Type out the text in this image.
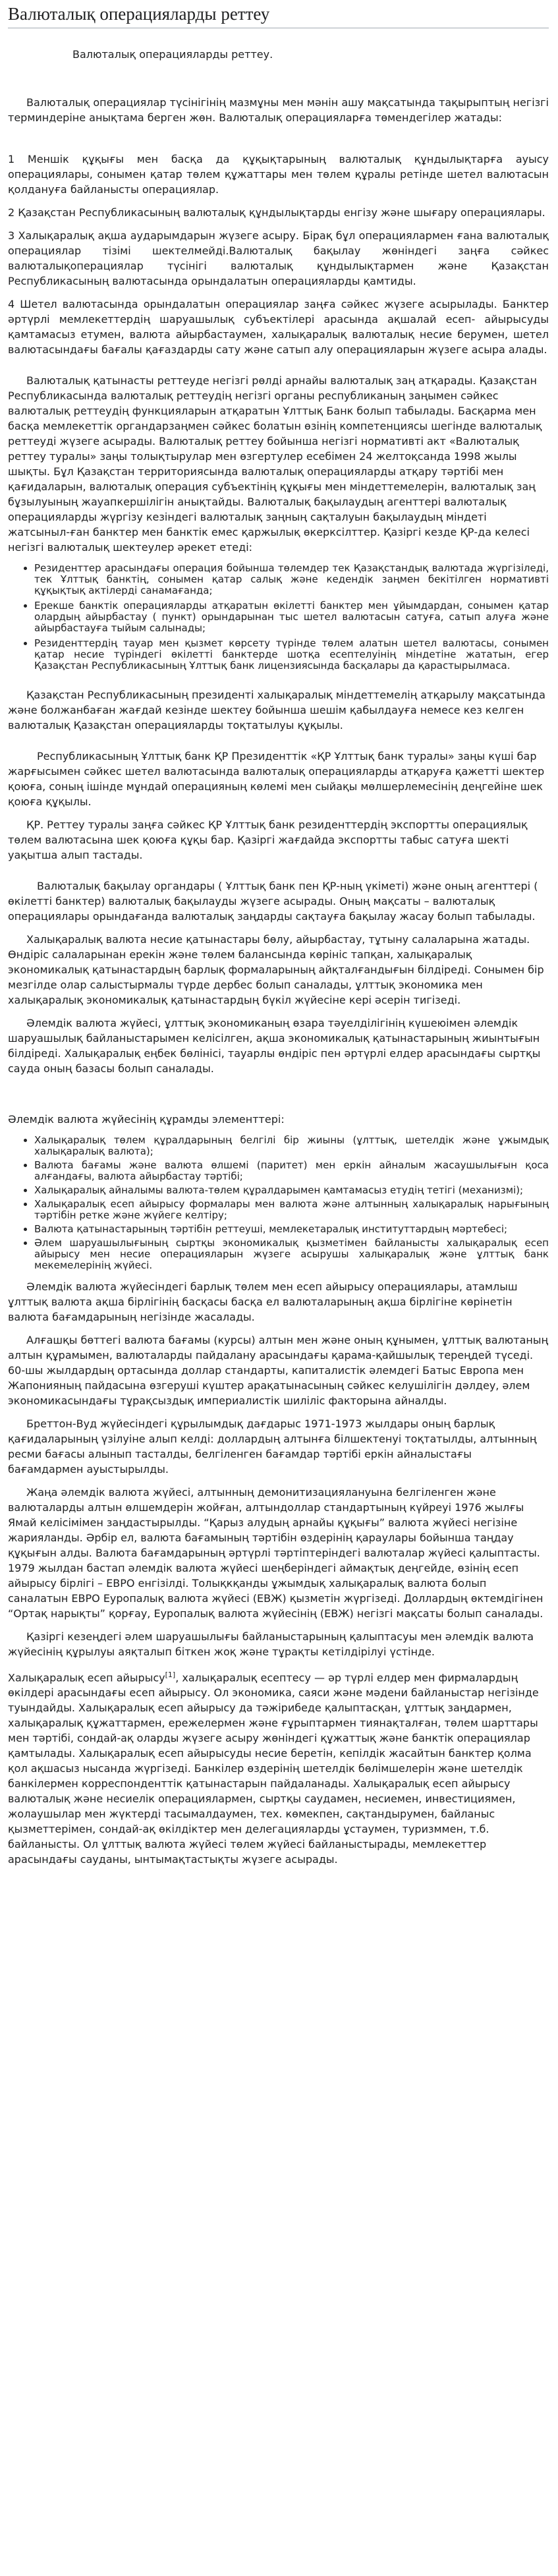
Валюталық операцияларды реттеу

Валюталық операцияларды реттеу.

Валюталық операциялар түсінігінің мазмұны мен мәнін ашу мақсатында тақырыптың негізгі терминдеріне анықтама берген жөн. Валюталық операцияларға төмендегілер жатады:

1 Меншік құқығы мен басқа да құқықтарының валюталық құндылықтарға ауысу операциялары, сонымен қатар төлем құжаттары мен төлем құралы ретінде шетел валютасын қолдануға байланысты операциялар.

2 Қазақстан Республикасының валюталық құндылықтарды енгізу және шығару операциялары.

3 Халықаралық ақша аударымдарын жүзеге асыру. Бірақ бұл операциялармен ғана валюталық операциялар тізімі шектелмейді.Валюталық бақылау жөніндегі заңға сәйкес валюталықоперациялар түсінігі валюталық құндылықтармен және Қазақстан Республикасының валютасында орындалатын операцияларды қамтиды.

4 Шетел валютасында орындалатын операциялар заңға сәйкес жүзеге асырылады. Банктер әртүрлі мемлекеттердің шаруашылық субъектілері арасында ақшалай есеп- айырысуды қамтамасыз етумен, валюта айырбастаумен, халықаралық валюталық несие берумен, шетел валютасындағы бағалы қағаздарды сату және сатып алу операцияларын жүзеге асыра алады.

Валюталық қатынасты реттеуде негізгі рөлді арнайы валюталық заң атқарады. Қазақстан Республикасында валюталық реттеудің негізгі органы республиканың заңымен сәйкес валюталық реттеудің функцияларын атқаратын Ұлттық Банк болып табылады. Басқарма мен басқа мемлекеттік органдарзаңмен сәйкес болатын өзінің компетенциясы шегінде валюталық реттеуді жүзеге асырады. Валюталық реттеу бойынша негізгі нормативті акт «Валюталық реттеу туралы» заңы толықтырулар мен өзгертулер есебімен 24 желтоқсанда 1998 жылы шықты. Бұл Қазақстан территориясында валюталық операцияларды атқару тәртібі мен қағидаларын, валюталық операция субъектінің құқығы мен міндеттемелерін, валюталық заң бұзылуының жауапкершілігін анықтайды. Валюталық бақылаудың агенттері валюталық операцияларды жүргізу кезіндегі валюталық заңның сақталуын бақылаудың міндеті жатсыныл-ған банктер мен банктік емес қаржылық өкерксілттер. Қазіргі кезде ҚР-да келесі негізгі валюталық шектеулер әрекет етеді:

• Резиденттер арасындағы операция бойынша төлемдер тек Қазақстандық валютада жүргізіледі, тек Ұлттық банктің, сонымен қатар салық және кедендік заңмен бекітілген нормативті құқықтық актілерді санамағанда;
• Ерекше банктік операцияларды атқаратын өкілетті банктер мен ұйымдардан, сонымен қатар олардың айырбастау ( пункт) орындарынан тыс шетел валютасын сатуға, сатып алуға және айырбастауға тыйым салынады;
• Резиденттердің тауар мен қызмет көрсету түрінде төлем алатын шетел валютасы, сонымен қатар несие түріндегі өкілетті банктерде шотқа есептелуінің міндетіне жататын, егер Қазақстан Республикасының Ұлттық банк лицензиясында басқалары да қарастырылмаса.

Қазақстан Республикасының президенті халықаралық міндеттемелің атқарылу мақсатында және болжанбаған жағдай кезінде шектеу бойынша шешім қабылдауға немесе кез келген валюталық Қазақстан операцияларды тоқтатылуы құқылы.

Республикасының Ұлттық банк ҚР Президенттік «ҚР Ұлттық банк туралы» заңы күші бар жарғысымен сәйкес шетел валютасында валюталық операцияларды атқаруға қажетті шектер қоюға, соның ішінде мұндай операцияның көлемі мен сыйақы мөлшерлемесінің деңгейіне шек қоюға құқылы.

ҚР. Реттеу туралы заңға сәйкес ҚР Ұлттық банк резиденттердің экспортты операциялық төлем валютасына шек қоюға құқы бар. Қазіргі жағдайда экспортты табыс сатуға шекті уақытша алып тастады.

Валюталық бақылау органдары ( Ұлттық банк пен ҚР-ның үкіметі) және оның агенттері ( өкілетті банктер) валюталық бақылауды жүзеге асырады. Оның мақсаты – валюталық операциялары орындағанда валюталық заңдарды сақтауға бақылау жасау болып табылады.

Халықаралық валюта несие қатынастары бөлу, айырбастау, тұтыну салаларына жатады. Өндіріс салаларынан ерекін және төлем балансында көрініс тапқан, халықаралық экономикалық қатынастардың барлық формаларының айқталғандығын білдіреді. Сонымен бір мезгілде олар салыстырмалы түрде дербес болып саналады, ұлттық экономика мен халықаралық экономикалық қатынастардың бүкіл жүйесіне кері әсерін тигізеді.

Әлемдік валюта жүйесі, ұлттық экономиканың өзара тәуелділігінің күшеюімен әлемдік шаруашылық байланыстарымен келісілген, ақша экономикалық қатынастарының жиынтығын білдіреді. Халықаралық еңбек бөлінісі, тауарлы өндіріс пен әртүрлі елдер арасындағы сыртқы сауда оның базасы болып саналады.

Әлемдік валюта жүйесінің құрамды элементтері:

• Халықаралық төлем құралдарының белгілі бір жиыны (ұлттық, шетелдік және ұжымдық халықаралық валюта);
• Валюта бағамы және валюта өлшемі (паритет) мен еркін айналым жасаушылығын қоса алғандағы, валюта айырбастау тәртібі;
• Халықаралық айналымы валюта-төлем құралдарымен қамтамасыз етудің тетігі (механизмі);
• Халықаралық есеп айырысу формалары мен валюта және алтынның халықаралық нарығының тәртібін ретке және жүйеге келтіру;
• Валюта қатынастарының тәртібін реттеуші, мемлекетаралық институттардың мәртебесі;
• Әлем шаруашылығының сыртқы экономикалық қызметімен байланысты халықаралық есеп айырысу мен несие операцияларын жүзеге асырушы халықаралық және ұлттық банк мекемелерінің жүйесі.

Әлемдік валюта жүйесіндегі барлық төлем мен есеп айырысу операциялары, атамлыш ұлттық валюта ақша бірлігінің басқасы басқа ел валюталарының ақша бірлігіне көрінетін валюта бағамдарының негізінде жасалады.

Алғашқы бөттегі валюта бағамы (курсы) алтын мен және оның құнымен, ұлттық валютаның алтын құрамымен, валюталарды пайдалану арасындағы қарама-қайшылық тереңдей түседі. 60-шы жылдардың ортасында доллар стандарты, капиталистік әлемдегі Батыс Европа мен Жапонияның пайдасына өзгеруші күштер арақатынасының сәйкес келушілігін дәлдеу, әлем экономикасындағы тұрақсыздық империалистік шиліліс факторына айналды.

Бреттон-Вуд жүйесіндегі құрылымдық дағдарыс 1971-1973 жылдары оның барлық қағидаларының үзілуіне алып келді: доллардың алтынға білшектенуі тоқтатылды, алтынның ресми бағасы алынып тасталды, белгіленген бағамдар тәртібі еркін айналыстағы бағамдармен ауыстырылды.

Жаңа әлемдік валюта жүйесі, алтынның демонитизациялануына белгіленген және валюталарды алтын өлшемдерін жойған, алтындоллар стандартының күйреуі 1976 жылғы Ямай келісімімен заңдастырылды. “Қарыз алудың арнайы құқығы” валюта жүйесі негізіне жарияланды. Әрбір ел, валюта бағамының тәртібін өздерінің қараулары бойынша таңдау құқығын алды. Валюта бағамдарының әртүрлі тәртіптеріндегі валюталар жүйесі қалыптасты. 1979 жылдан бастап әлемдік валюта жүйесі шеңберіндегі аймақтық деңгейде, өзінің есеп айырысу бірлігі – ЕВРО енгізілді. Толықкқанды ұжымдық халықаралық валюта болып саналатын ЕВРО Еуропалық валюта жүйесі (ЕВЖ) қызметін жүргізеді. Доллардың өктемдігінен “Ортақ нарықты” қорғау, Еуропалық валюта жүйесінің (ЕВЖ) негізгі мақсаты болып саналады.

Қазіргі кезеңдегі әлем шаруашылығы байланыстарының қалыптасуы мен әлемдік валюта жүйесінің құрылуы аяқталып біткен жоқ және тұрақты кетілдірілуі үстінде.

Халықаралық есеп айырысу[1], халықаралық есептесу — әр түрлі елдер мен фирмалардың өкілдері арасындағы есеп айырысу. Ол экономика, саяси және мәдени байланыстар негізінде туындайды. Халықаралық есеп айырысу да тәжірибеде қалыптасқан, ұлттық заңдармен, халықаралық құжаттармен, ережелермен және ғұрыптармен тиянақталған, төлем шарттары мен тәртібі, сондай-ақ оларды жүзеге асыру жөніндегі құжаттық және банктік операциялар қамтылады. Халықаралық есеп айырысуды несие беретін, кепілдік жасайтын банктер қолма қол ақшасыз нысанда жүргізеді. Банкілер өздерінің шетелдік бөлімшелерін және шетелдік банкілермен корреспонденттік қатынастарын пайдаланады. Халықаралық есеп айырысу валюталық және несиелік операциялармен, сыртқы саудамен, несиемен, инвестициямен, жолаушылар мен жүктерді тасымалдаумен, тех. көмекпен, сақтандырумен, байланыс қызметтерімен, сондай-ақ өкілдіктер мен делегацияларды ұстаумен, туризммен, т.б. байланысты. Ол ұлттық валюта жүйесі төлем жүйесі байланыстырады, мемлекеттер арасындағы сауданы, ынтымақтастықты жүзеге асырады.
